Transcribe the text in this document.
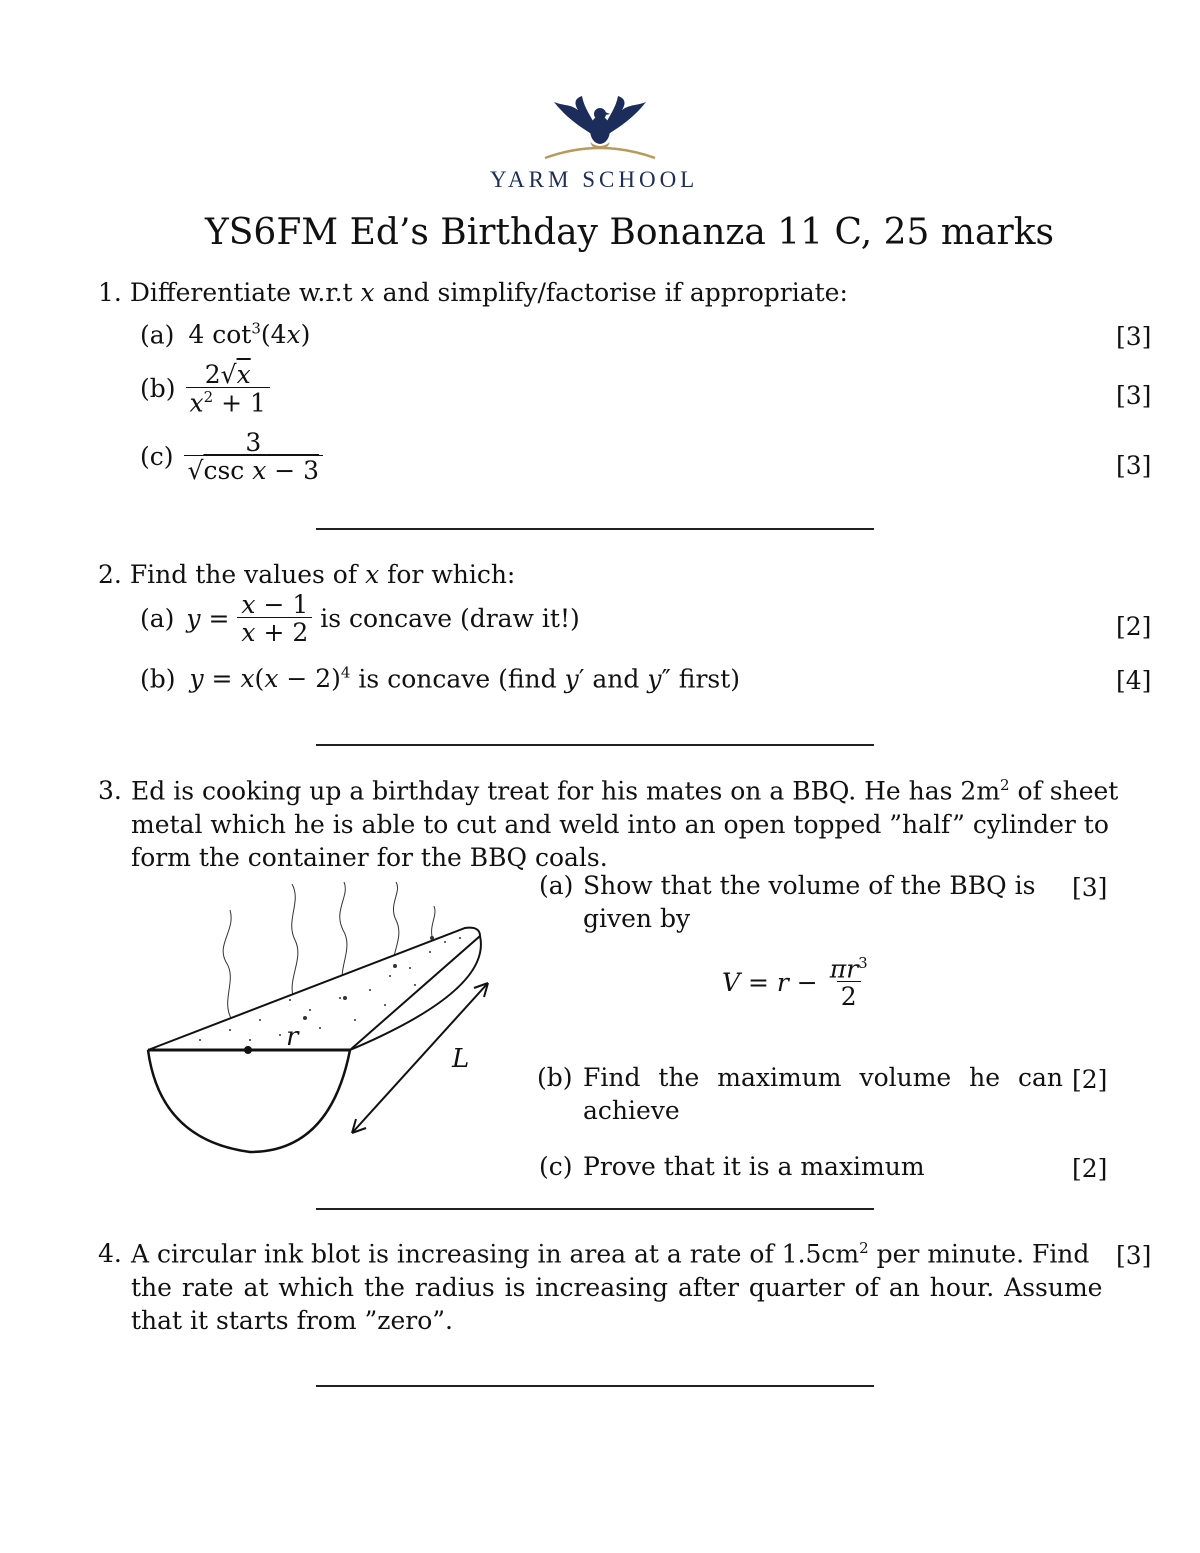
YARM SCHOOL
YS6FM Ed’s Birthday Bonanza 11 C, 25 marks
1. Differentiate w.r.t x and simplify/factorise if appropriate:
(a) 4 $\cot^3(4x)$	[3]
$(b) \frac{2√x}{x^2 + 1}$	[3]
$(c) \frac{3}{\text{√csc x − 3}}$	[3]
2. Find the values of x for which:
(a) $y = \frac{x - 1}{x + 2}$ is concave (draw it!)	[2]
(b) $y = x(x - 2)^4$ is concave (find y′ and y″ first)	[4]
3. Ed is cooking up a birthday treat for his mates on a BBQ. He has $2m^2$ of sheet
metal which he is able to cut and weld into an open topped ”half” cylinder to
form the container for the BBQ coals.
r
L
(a) Show that the volume of the BBQ is
given by
[3]
$V = r - \frac{\pi r^3}{2}$
(b) Find the maximum volume he can
achieve
[2]
(c) Prove that it is a maximum	[2]
4. A circular ink blot is increasing in area at a rate of $1.5cm^2$ per minute. Find
the rate at which the radius is increasing after quarter of an hour. Assume
that it starts from ”zero”.
[3]
